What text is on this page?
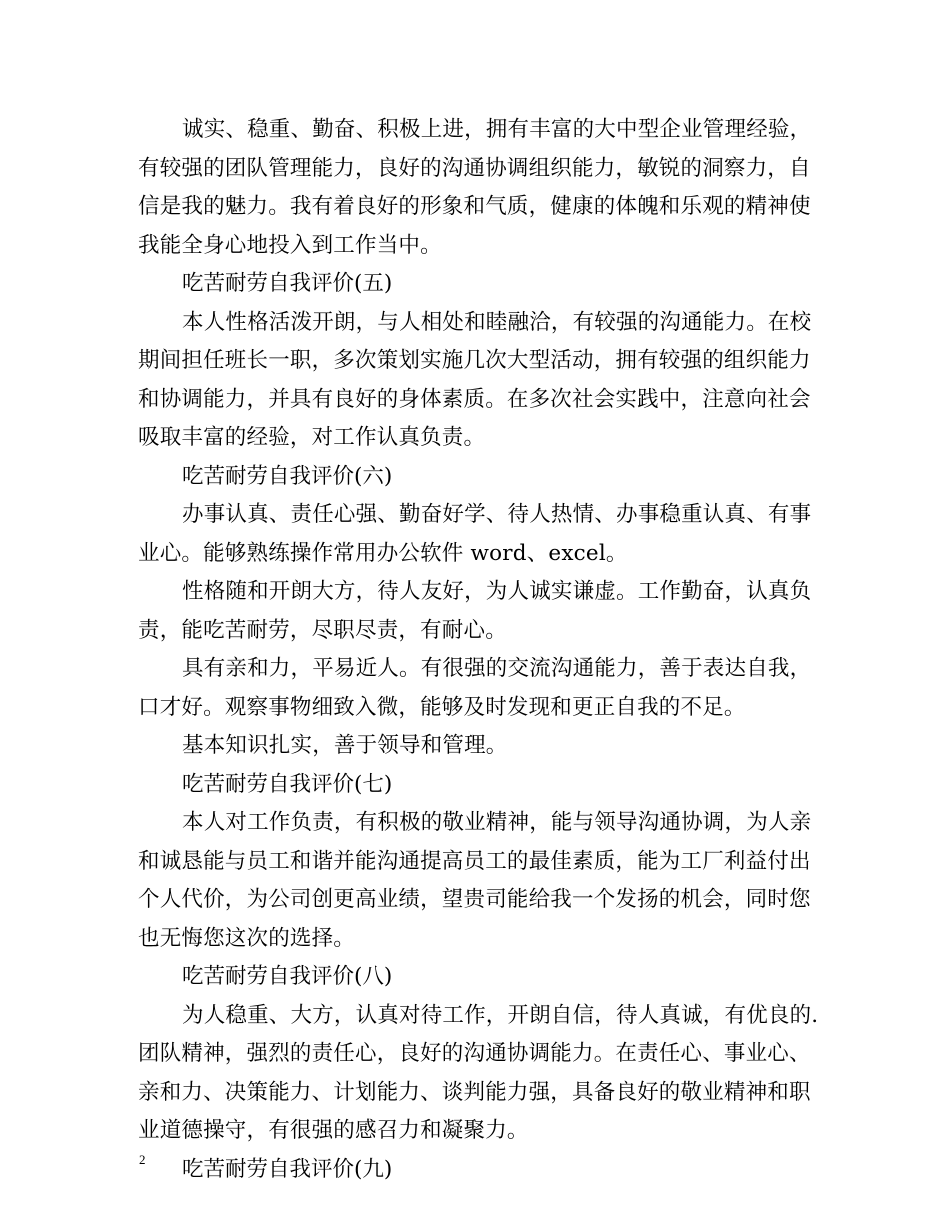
诚实、稳重、勤奋、积极上进，拥有丰富的大中型企业管理经验，
有较强的团队管理能力，良好的沟通协调组织能力，敏锐的洞察力，自
信是我的魅力。我有着良好的形象和气质，健康的体魄和乐观的精神使
我能全身心地投入到工作当中。

吃苦耐劳自我评价(五)

本人性格活泼开朗，与人相处和睦融洽，有较强的沟通能力。在校
期间担任班长一职，多次策划实施几次大型活动，拥有较强的组织能力
和协调能力，并具有良好的身体素质。在多次社会实践中，注意向社会
吸取丰富的经验，对工作认真负责。

吃苦耐劳自我评价(六)

办事认真、责任心强、勤奋好学、待人热情、办事稳重认真、有事
业心。能够熟练操作常用办公软件 word、excel。

性格随和开朗大方，待人友好，为人诚实谦虚。工作勤奋，认真负
责，能吃苦耐劳，尽职尽责，有耐心。

具有亲和力，平易近人。有很强的交流沟通能力，善于表达自我，
口才好。观察事物细致入微，能够及时发现和更正自我的不足。

基本知识扎实，善于领导和管理。

吃苦耐劳自我评价(七)

本人对工作负责，有积极的敬业精神，能与领导沟通协调，为人亲
和诚恳能与员工和谐并能沟通提高员工的最佳素质，能为工厂利益付出
个人代价，为公司创更高业绩，望贵司能给我一个发扬的机会，同时您
也无悔您这次的选择。

吃苦耐劳自我评价(八)

为人稳重、大方，认真对待工作，开朗自信，待人真诚，有优良的.
团队精神，强烈的责任心，良好的沟通协调能力。在责任心、事业心、
亲和力、决策能力、计划能力、谈判能力强，具备良好的敬业精神和职
业道德操守，有很强的感召力和凝聚力。

吃苦耐劳自我评价(九)

2
